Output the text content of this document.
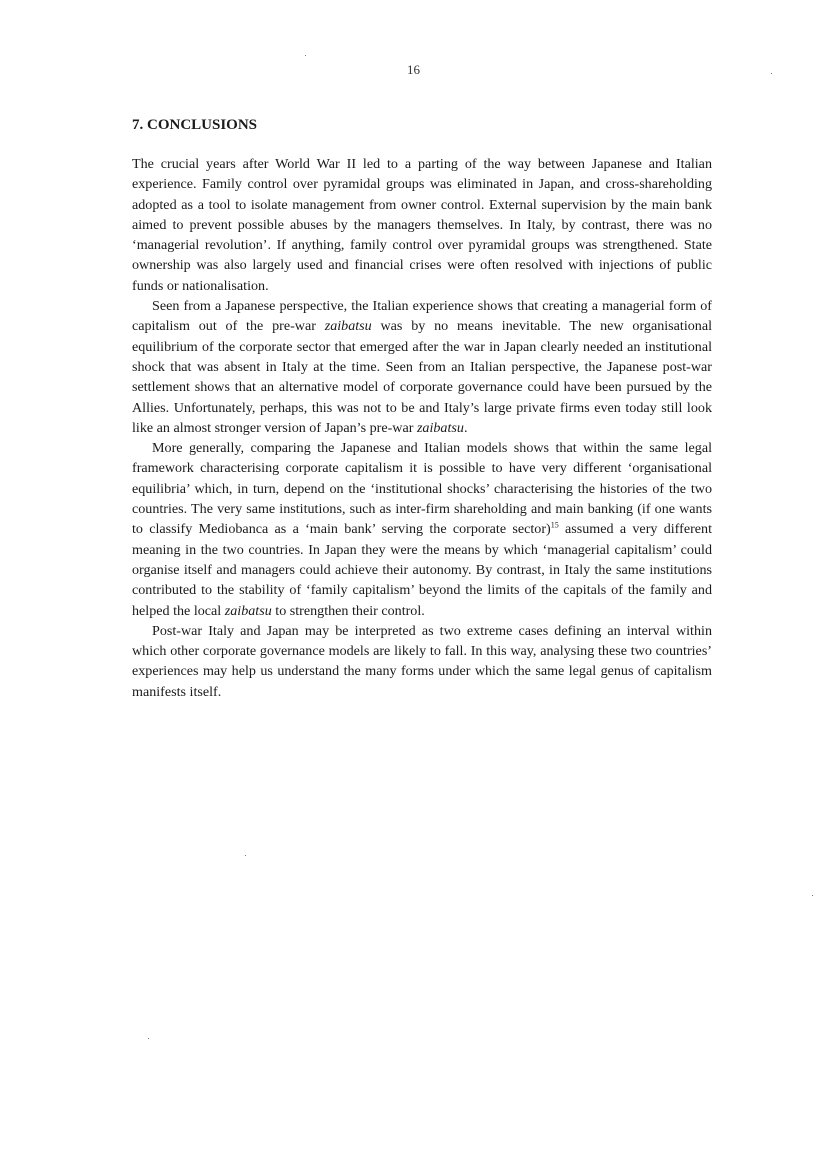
16
7. CONCLUSIONS

The crucial years after World War II led to a parting of the way between Japanese and Italian experience. Family control over pyramidal groups was eliminated in Japan, and cross-shareholding adopted as a tool to isolate management from owner control. External supervision by the main bank aimed to prevent possible abuses by the managers themselves. In Italy, by contrast, there was no ‘managerial revolution’. If anything, family control over pyramidal groups was strengthened. State ownership was also largely used and financial crises were often resolved with injections of public funds or nationalisation.

Seen from a Japanese perspective, the Italian experience shows that creating a managerial form of capitalism out of the pre-war zaibatsu was by no means inevitable. The new organisational equilibrium of the corporate sector that emerged after the war in Japan clearly needed an institutional shock that was absent in Italy at the time. Seen from an Italian perspective, the Japanese post-war settlement shows that an alternative model of corporate governance could have been pursued by the Allies. Unfortunately, perhaps, this was not to be and Italy’s large private firms even today still look like an almost stronger version of Japan’s pre-war zaibatsu.

More generally, comparing the Japanese and Italian models shows that within the same legal framework characterising corporate capitalism it is possible to have very different ‘organisational equilibria’ which, in turn, depend on the ‘institutional shocks’ characterising the histories of the two countries. The very same institutions, such as inter-firm shareholding and main banking (if one wants to classify Mediobanca as a ‘main bank’ serving the corporate sector)$^{15}$ assumed a very different meaning in the two countries. In Japan they were the means by which ‘managerial capitalism’ could organise itself and managers could achieve their autonomy. By contrast, in Italy the same institutions contributed to the stability of ‘family capitalism’ beyond the limits of the capitals of the family and helped the local zaibatsu to strengthen their control.

Post-war Italy and Japan may be interpreted as two extreme cases defining an interval within which other corporate governance models are likely to fall. In this way, analysing these two countries’ experiences may help us understand the many forms under which the same legal genus of capitalism manifests itself.
